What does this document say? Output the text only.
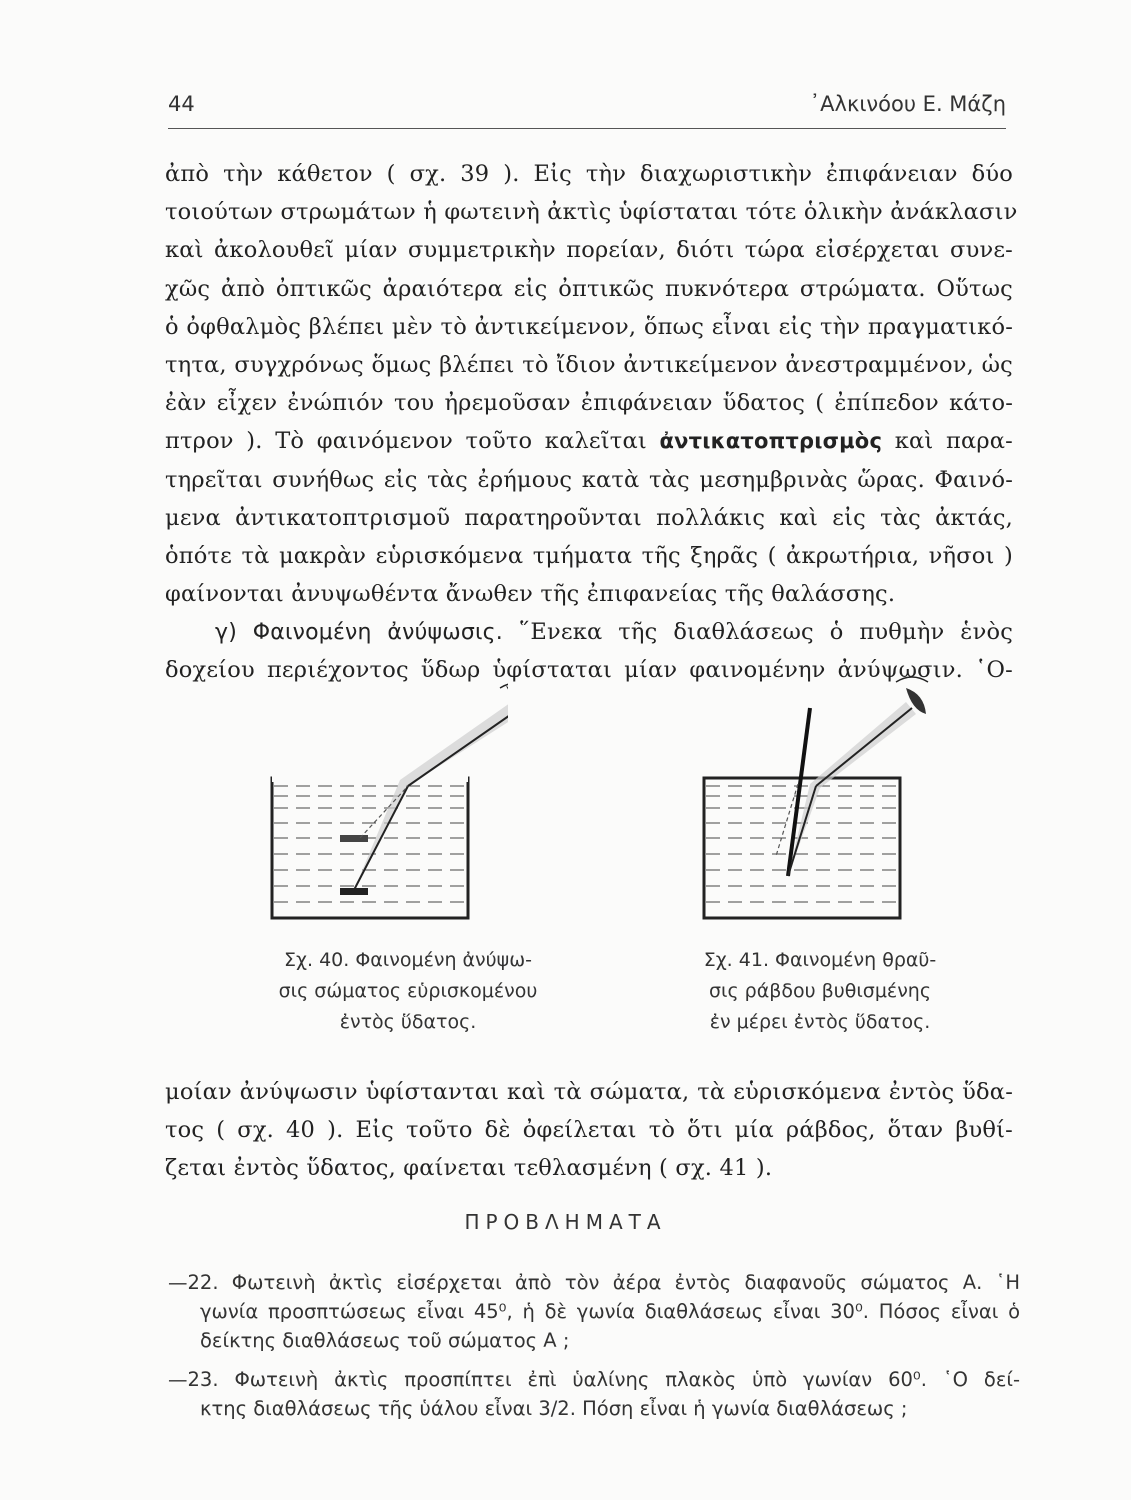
44	᾿Αλκινόου Ε. Μάζη
ἀπὸ τὴν κάθετον ( σχ. 39 ). Εἰς τὴν διαχωριστικὴν ἐπιφάνειαν δύο
τοιούτων στρωμάτων ἡ φωτεινὴ ἀκτὶς ὑφίσταται τότε ὁλικὴν ἀνάκλασιν
καὶ ἀκολουθεῖ μίαν συμμετρικὴν πορείαν, διότι τώρα εἰσέρχεται συνε-
χῶς ἀπὸ ὀπτικῶς ἀραιότερα εἰς ὀπτικῶς πυκνότερα στρώματα. Οὕτως
ὁ ὀφθαλμὸς βλέπει μὲν τὸ ἀντικείμενον, ὅπως εἶναι εἰς τὴν πραγματικό-
τητα, συγχρόνως ὅμως βλέπει τὸ ἴδιον ἀντικείμενον ἀνεστραμμένον, ὡς
ἐὰν εἶχεν ἐνώπιόν του ἠρεμοῦσαν ἐπιφάνειαν ὕδατος ( ἐπίπεδον κάτο-
πτρον ). Τὸ φαινόμενον τοῦτο καλεῖται ἀντικατοπτρισμὸς καὶ παρα-
τηρεῖται συνήθως εἰς τὰς ἐρήμους κατὰ τὰς μεσημβρινὰς ὥρας. Φαινό-
μενα ἀντικατοπτρισμοῦ παρατηροῦνται πολλάκις καὶ εἰς τὰς ἀκτάς,
ὁπότε τὰ μακρὰν εὑρισκόμενα τμήματα τῆς ξηρᾶς ( ἀκρωτήρια, νῆσοι )
φαίνονται ἀνυψωθέντα ἄνωθεν τῆς ἐπιφανείας τῆς θαλάσσης.
γ) Φαινομένη ἀνύψωσις. ῞Ενεκα τῆς διαθλάσεως ὁ πυθμὴν ἑνὸς
δοχείου περιέχοντος ὕδωρ ὑφίσταται μίαν φαινομένην ἀνύψωσιν. ῾Ο-
Σχ. 40. Φαινομένη ἀνύψω-
σις σώματος εὑρισκομένου
ἐντὸς ὕδατος.
Σχ. 41. Φαινομένη θραῦ-
σις ράβδου βυθισμένης
ἐν μέρει ἐντὸς ὕδατος.
μοίαν ἀνύψωσιν ὑφίστανται καὶ τὰ σώματα, τὰ εὑρισκόμενα ἐντὸς ὕδα-
τος ( σχ. 40 ). Εἰς τοῦτο δὲ ὀφείλεται τὸ ὅτι μία ράβδος, ὅταν βυθί-
ζεται ἐντὸς ὕδατος, φαίνεται τεθλασμένη ( σχ. 41 ).
ΠΡΟΒΛΗΜΑΤΑ
—22. Φωτεινὴ ἀκτὶς εἰσέρχεται ἀπὸ τὸν ἀέρα ἐντὸς διαφανοῦς σώματος Α. ῾Η
γωνία προσπτώσεως εἶναι 45⁰, ἡ δὲ γωνία διαθλάσεως εἶναι 30⁰. Πόσος εἶναι ὁ
δείκτης διαθλάσεως τοῦ σώματος Α ;
—23. Φωτεινὴ ἀκτὶς προσπίπτει ἐπὶ ὑαλίνης πλακὸς ὑπὸ γωνίαν 60⁰. ῾Ο δεί-
κτης διαθλάσεως τῆς ὑάλου εἶναι 3/2. Πόση εἶναι ἡ γωνία διαθλάσεως ;
